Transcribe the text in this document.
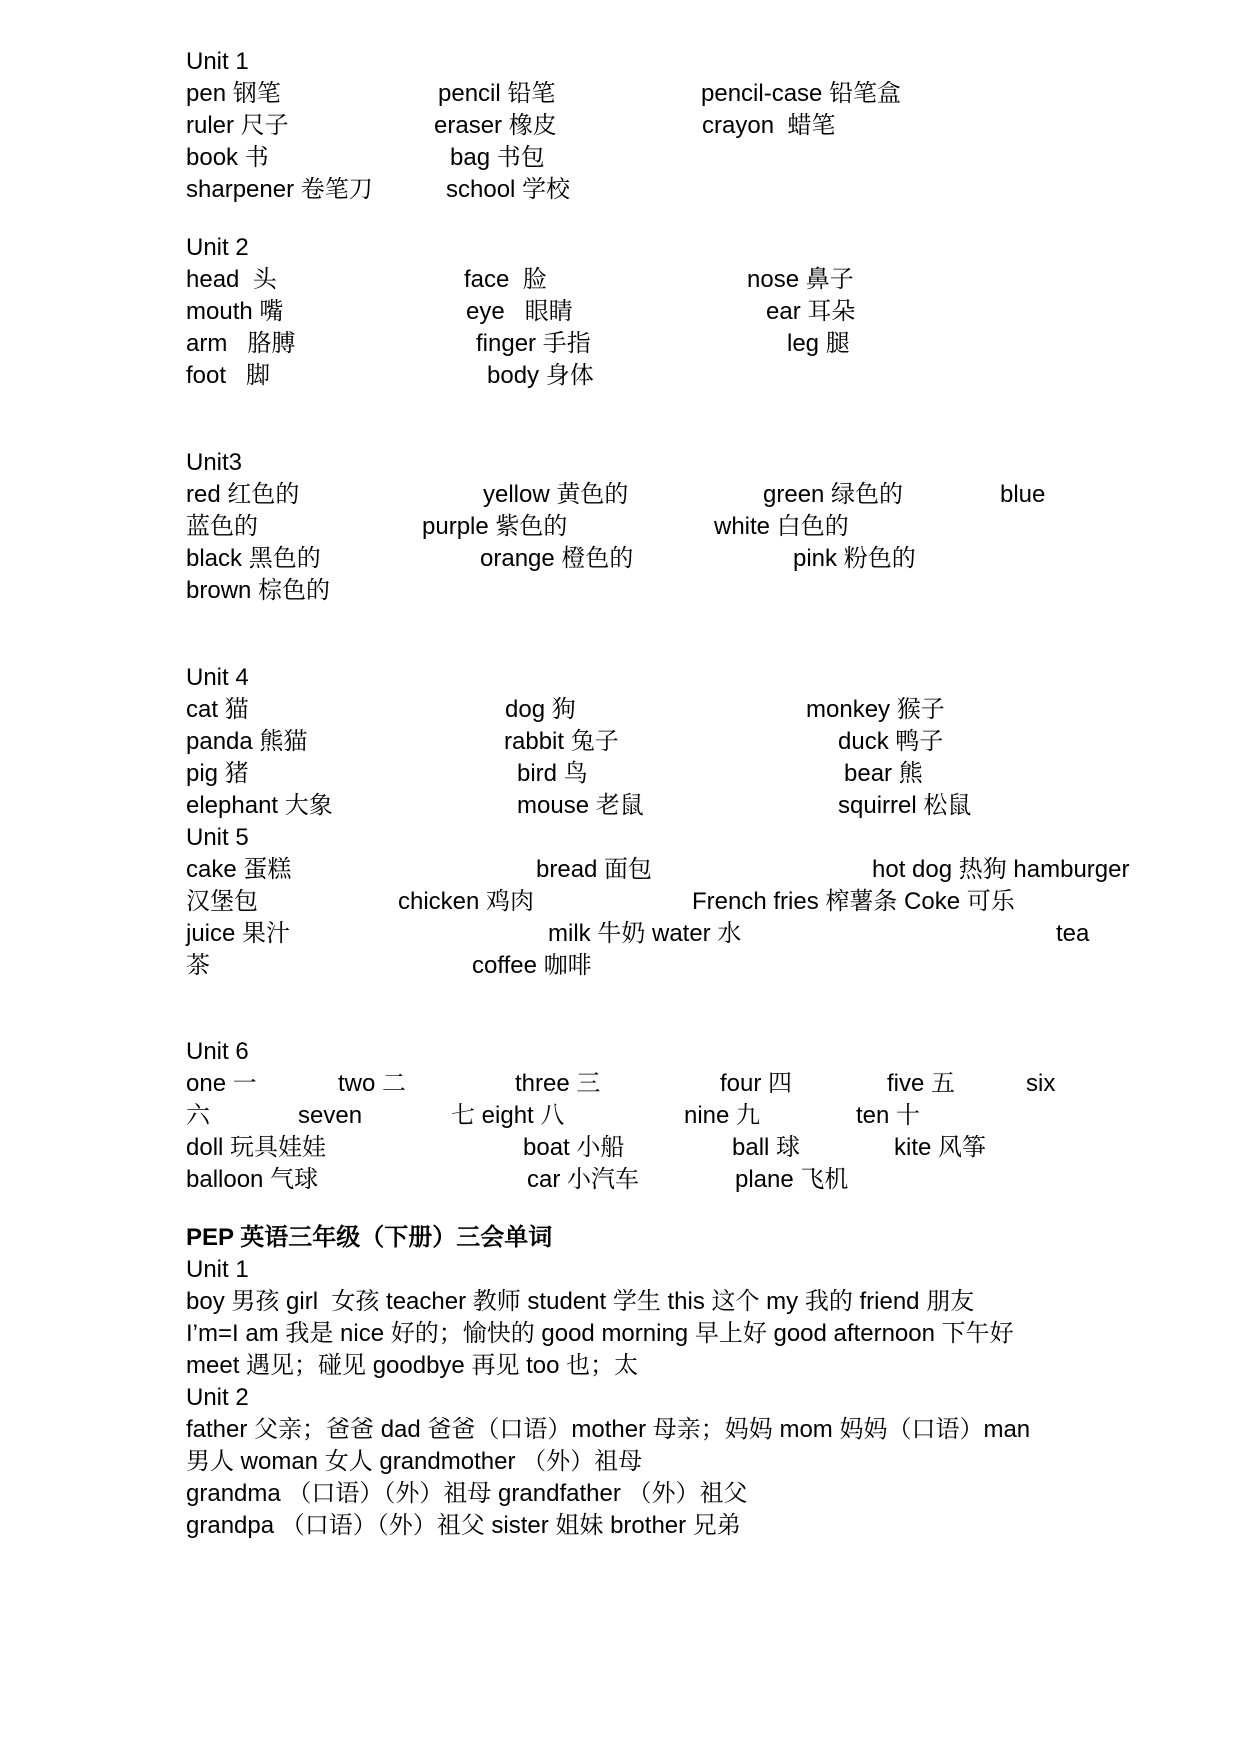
Unit 1
pen 钢笔	pencil 铅笔	pencil-case 铅笔盒
ruler 尺子	eraser 橡皮	crayon  蜡笔
book 书	bag 书包
sharpener 卷笔刀	school 学校
Unit 2
head  头	face  脸	nose 鼻子
mouth 嘴	eye   眼睛	ear 耳朵
arm   胳膊	finger 手指	leg 腿
foot   脚	body 身体
Unit3
red 红色的	yellow 黄色的	green 绿色的	blue
蓝色的	purple 紫色的	white 白色的
black 黑色的	orange 橙色的	pink 粉色的
brown 棕色的
Unit 4
cat 猫	dog 狗	monkey 猴子
panda 熊猫	rabbit 兔子	duck 鸭子
pig 猪	bird 鸟	bear 熊
elephant 大象	mouse 老鼠	squirrel 松鼠
Unit 5
cake 蛋糕	bread 面包	hot dog 热狗 hamburger
汉堡包	chicken 鸡肉	French fries 榨薯条 Coke 可乐
juice 果汁	milk 牛奶 water 水	tea
茶	coffee 咖啡
Unit 6
one 一	two 二	three 三	four 四	five 五	six
六	seven	七 eight 八	nine 九	ten 十
doll 玩具娃娃	boat 小船	ball 球	kite 风筝
balloon 气球	car 小汽车	plane 飞机
PEP 英语三年级（下册）三会单词
Unit 1
boy 男孩 girl  女孩 teacher 教师 student 学生 this 这个 my 我的 friend 朋友
I’m=I am 我是 nice 好的；愉快的 good morning 早上好 good afternoon 下午好
meet 遇见；碰见 goodbye 再见 too 也；太
Unit 2
father 父亲；爸爸 dad 爸爸（口语）mother 母亲；妈妈 mom 妈妈（口语）man
男人 woman 女人 grandmother （外）祖母
grandma （口语）（外）祖母 grandfather （外）祖父
grandpa （口语）（外）祖父 sister 姐妹 brother 兄弟
